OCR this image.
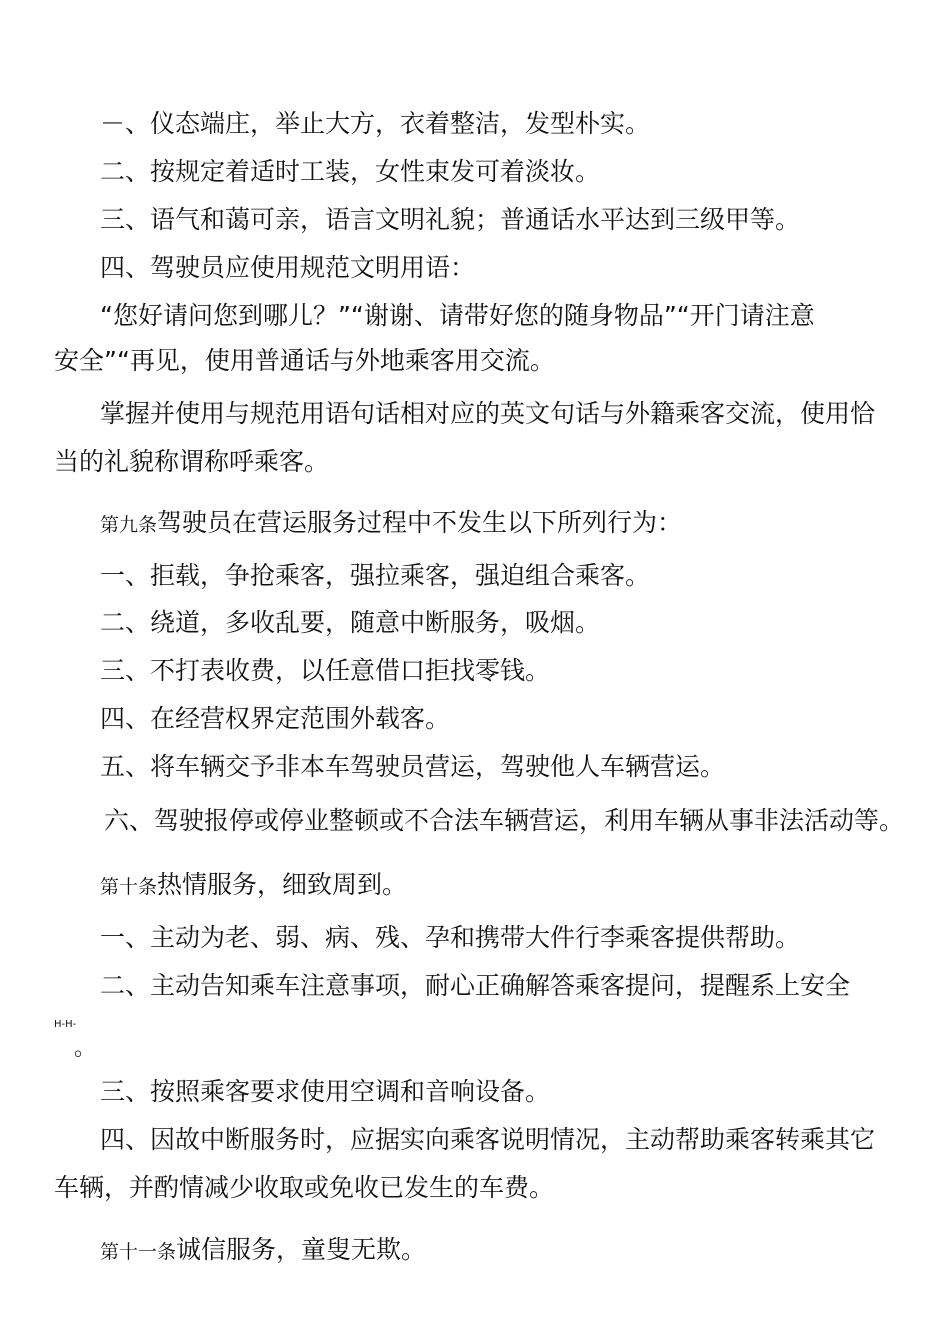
－、仪态端庄，举止大方，衣着整洁，发型朴实。
二、按规定着适时工装，女性束发可着淡妆。
三、语气和蔼可亲，语言文明礼貌；普通话水平达到三级甲等。
四、驾驶员应使用规范文明用语：
“您好请问您到哪儿？”“谢谢、请带好您的随身物品”“开门请注意
安全”“再见，使用普通话与外地乘客用交流。
掌握并使用与规范用语句话相对应的英文句话与外籍乘客交流，使用恰
当的礼貌称谓称呼乘客。
第九条驾驶员在营运服务过程中不发生以下所列行为：
一、拒载，争抢乘客，强拉乘客，强迫组合乘客。
二、绕道，多收乱要，随意中断服务，吸烟。
三、不打表收费，以任意借口拒找零钱。
四、在经营权界定范围外载客。
五、将车辆交予非本车驾驶员营运，驾驶他人车辆营运。
六、驾驶报停或停业整顿或不合法车辆营运，利用车辆从事非法活动等。
第十条热情服务，细致周到。
一、主动为老、弱、病、残、孕和携带大件行李乘客提供帮助。
二、主动告知乘车注意事项，耐心正确解答乘客提问，提醒系上安全
H-H-
。
三、按照乘客要求使用空调和音响设备。
四、因故中断服务时，应据实向乘客说明情况，主动帮助乘客转乘其它
车辆，并酌情减少收取或免收已发生的车费。
第十一条诚信服务，童叟无欺。
